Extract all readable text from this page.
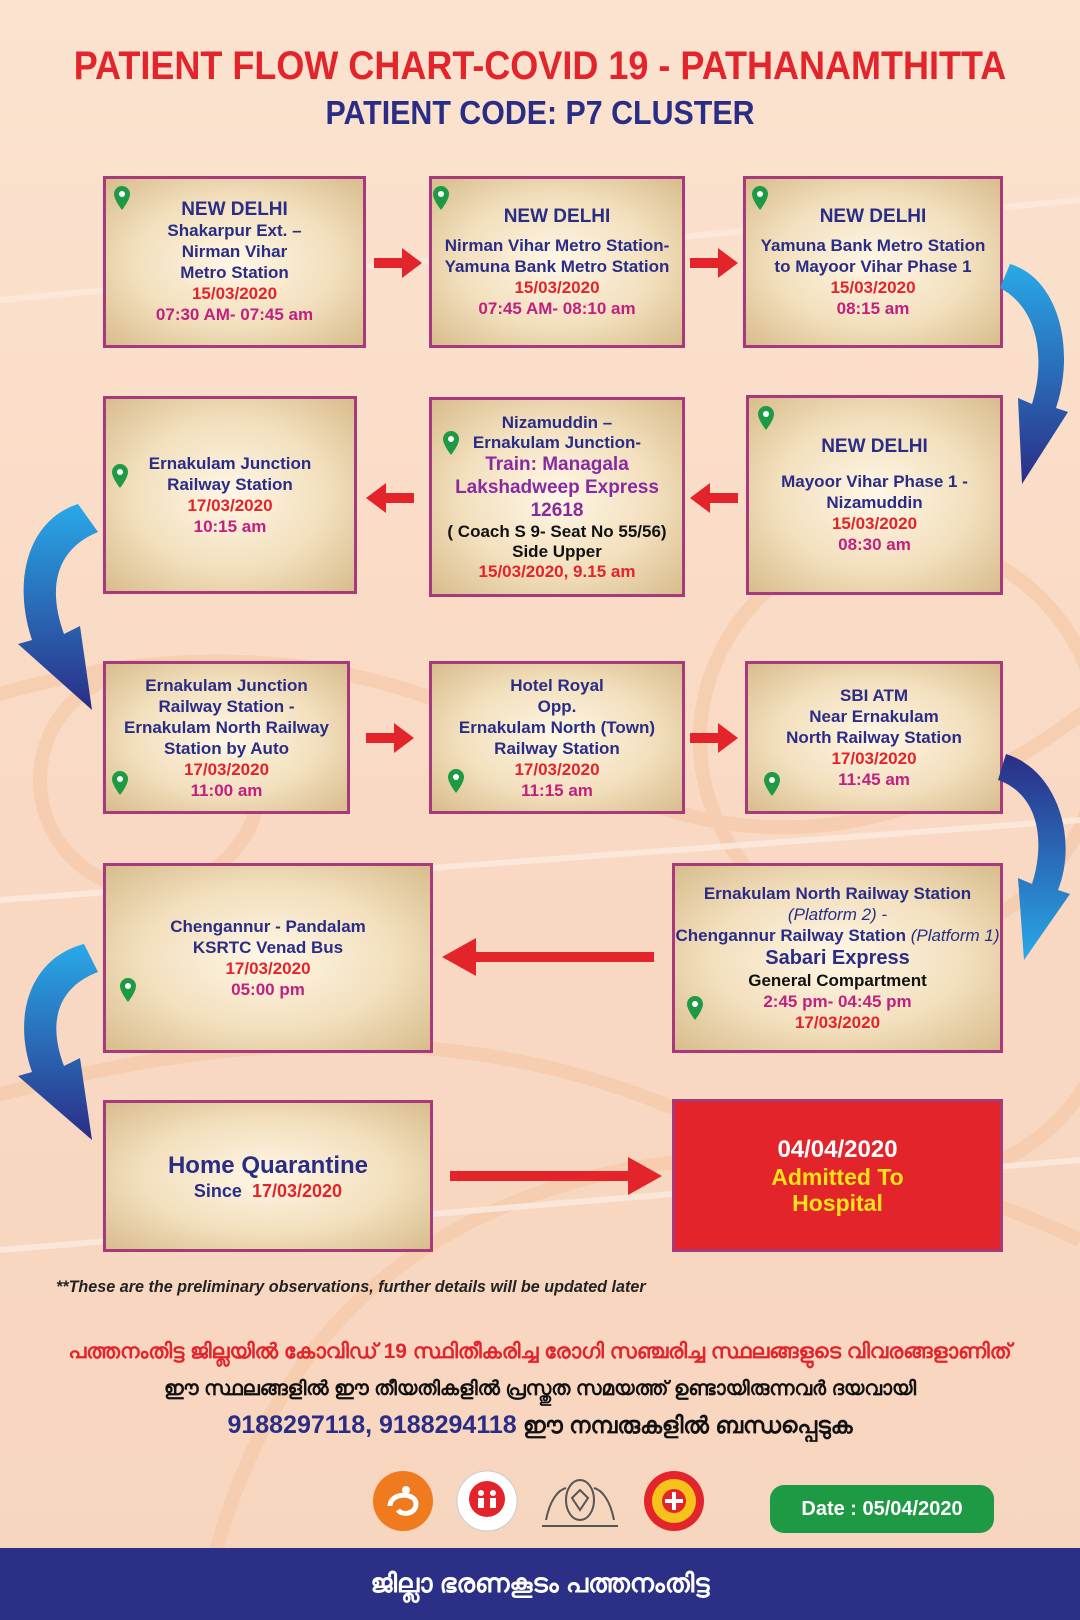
PATIENT FLOW CHART-COVID 19 - PATHANAMTHITTA
PATIENT CODE: P7 CLUSTER
NEW DELHI
Shakarpur Ext. –
Nirman Vihar
Metro Station
15/03/2020
07:30 AM- 07:45 am
NEW DELHI
Nirman Vihar Metro Station-
Yamuna Bank Metro Station
15/03/2020
07:45 AM- 08:10 am
NEW DELHI
Yamuna Bank Metro Station
to Mayoor Vihar Phase 1
15/03/2020
08:15 am
Ernakulam Junction
Railway Station
17/03/2020
10:15 am
Nizamuddin –
Ernakulam Junction-
Train: Managala
Lakshadweep Express
12618
( Coach S 9- Seat No 55/56)
Side Upper
15/03/2020, 9.15 am
NEW DELHI
Mayoor Vihar Phase 1 -
Nizamuddin
15/03/2020
08:30 am
Ernakulam Junction
Railway Station -
Ernakulam North Railway
Station by Auto
17/03/2020
11:00 am
Hotel Royal
Opp.
Ernakulam North (Town)
Railway Station
17/03/2020
11:15 am
SBI ATM
Near Ernakulam
North Railway Station
17/03/2020
11:45 am
Chengannur - Pandalam
KSRTC Venad Bus
17/03/2020
05:00 pm
Ernakulam North Railway Station
(Platform 2) -
Chengannur Railway Station (Platform 1)
Sabari Express
General Compartment
2:45 pm- 04:45 pm
17/03/2020
Home Quarantine
Since 17/03/2020
04/04/2020
Admitted To
Hospital
**These are the preliminary observations, further details will be updated later
പത്തനംതിട്ട ജില്ലയിൽ കോവിഡ് 19 സ്ഥിതീകരിച്ച രോഗി സഞ്ചരിച്ച സ്ഥലങ്ങളുടെ വിവരങ്ങളാണിത്
ഈ സ്ഥലങ്ങളിൽ ഈ തീയതികളിൽ പ്രസ്തുത സമയത്ത് ഉണ്ടായിരുന്നവർ ദയവായി
9188297118, 9188294118 ഈ നമ്പരുകളിൽ ബന്ധപ്പെടുക
Date : 05/04/2020
ജില്ലാ ഭരണകൂടം പത്തനംതിട്ട
